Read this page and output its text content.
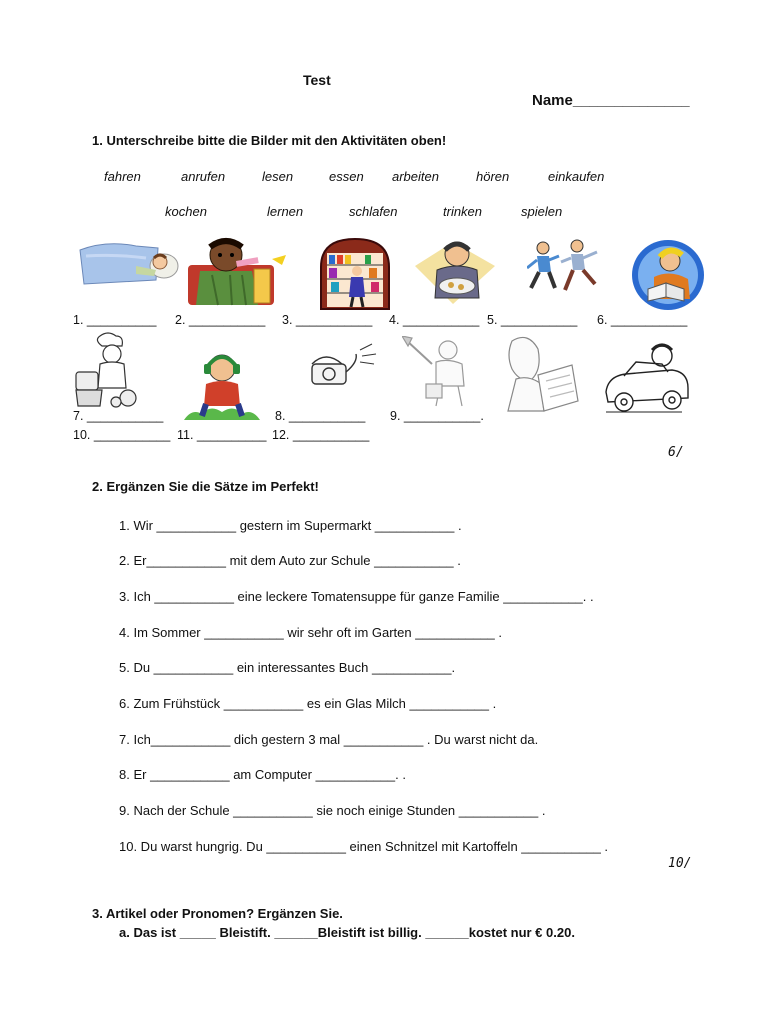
Test
Name______________
1. Unterschreibe bitte die Bilder mit den Aktivitäten oben!
fahren	anrufen	lesen	essen arbeiten	hören	einkaufen
kochen	lernen	schlafen	trinken	spielen
1. __________ 2. ___________ 3. ___________ 4. ___________ 5. ___________ 6. ___________
7. ___________	8. ___________ 9. ___________.
10. ___________ 11. __________ 12. ___________
6/
2. Ergänzen Sie die Sätze im Perfekt!
1. Wir ___________ gestern im Supermarkt ___________ .
2. Er___________ mit dem Auto zur Schule ___________ .
3. Ich ___________ eine leckere Tomatensuppe für ganze Familie ___________. .
4. Im Sommer ___________ wir sehr oft im Garten ___________ .
5. Du ___________ ein interessantes Buch ___________.
6. Zum Frühstück ___________ es ein Glas Milch ___________ .
7. Ich___________ dich gestern 3 mal ___________ . Du warst nicht da.
8. Er ___________ am Computer ___________. .
9. Nach der Schule ___________ sie noch einige Stunden ___________ .
10. Du warst hungrig. Du ___________ einen Schnitzel mit Kartoffeln ___________ .
10/
3. Artikel oder Pronomen? Ergänzen Sie.
a. Das ist _____ Bleistift. ______Bleistift ist billig. ______kostet nur € 0.20.
